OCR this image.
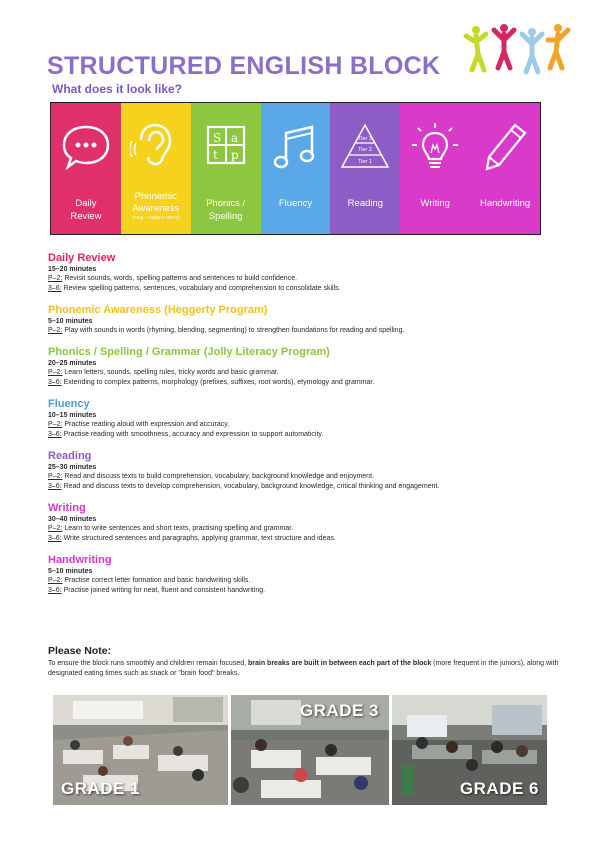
STRUCTURED ENGLISH BLOCK
What does it look like?
Daily Review
Phonemic Awareness
(Prep – Grade 2 ONLY)
S a
t p
Phonics / Spelling
Fluency
Tier 3
Tier 2
Tier 1
Reading	Writing	Handwriting
Daily Review
15–20 minutes
P–2: Revisit sounds, words, spelling patterns and sentences to build confidence.
3–6: Review spelling patterns, sentences, vocabulary and comprehension to consolidate skills.
Phonemic Awareness (Heggerty Program)
5–10 minutes
P–2: Play with sounds in words (rhyming, blending, segmenting) to strengthen foundations for reading and spelling.
Phonics / Spelling / Grammar (Jolly Literacy Program)
20–25 minutes
P–2: Learn letters, sounds, spelling rules, tricky words and basic grammar.
3–6: Extending to complex patterns, morphology (prefixes, suffixes, root words), etymology and grammar.
Fluency
10–15 minutes
P–2: Practise reading aloud with expression and accuracy.
3–6: Practise reading with smoothness, accuracy and expression to support automaticity.
Reading
25–30 minutes
P–2: Read and discuss texts to build comprehension, vocabulary, background knowledge and enjoyment.
3–6: Read and discuss texts to develop comprehension, vocabulary, background knowledge, critical thinking and engagement.
Writing
30–40 minutes
P–2: Learn to write sentences and short texts, practising spelling and grammar.
3–6: Write structured sentences and paragraphs, applying grammar, text structure and ideas.
Handwriting
5–10 minutes
P–2: Practise correct letter formation and basic handwriting skills.
3–6: Practise joined writing for neat, fluent and consistent handwriting.
Please Note:

To ensure the block runs smoothly and children remain focused, brain breaks are built in between each part of the block (more frequent in the juniors), along with designated eating times such as snack or "brain food" breaks.

GRADE 1
GRADE 3
GRADE 6
